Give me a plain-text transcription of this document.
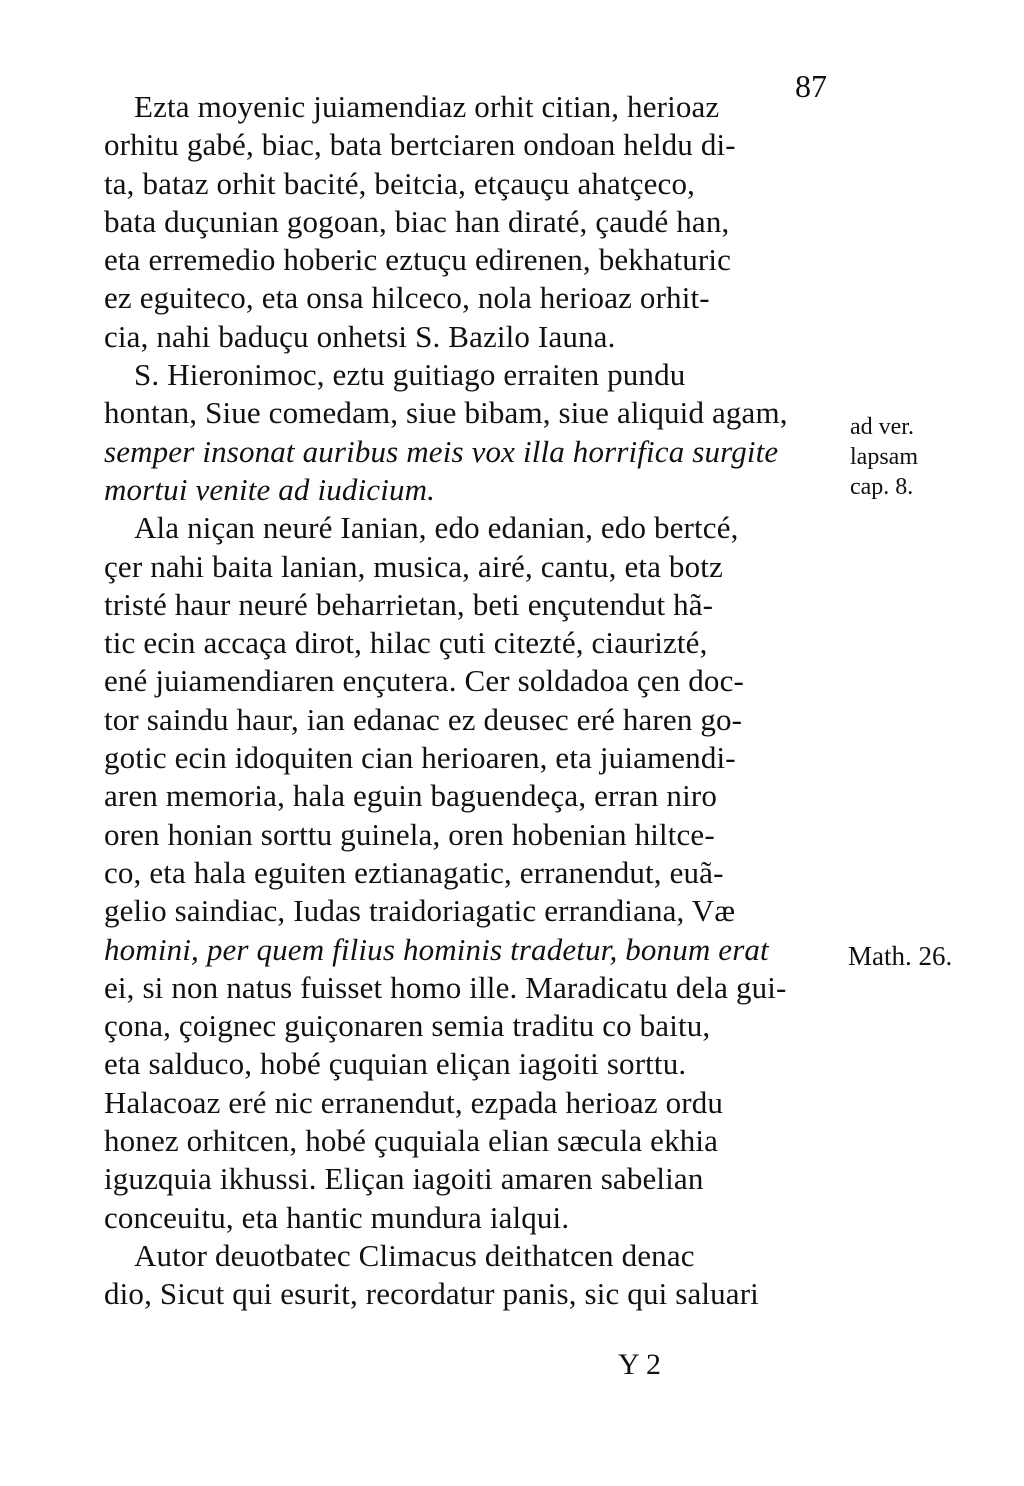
87
Ezta moyenic juiamendiaz orhit citian, herioaz
orhitu gabé, biac, bata bertciaren ondoan heldu di-
ta, bataz orhit bacité, beitcia, etçauçu ahatçeco,
bata duçunian gogoan, biac han diraté, çaudé han,
eta erremedio hoberic eztuçu edirenen, bekhaturic
ez eguiteco, eta onsa hilceco, nola herioaz orhit-
cia, nahi baduçu onhetsi S. Bazilo Iauna.
S. Hieronimoc, eztu guitiago erraiten pundu
hontan, Siue comedam, siue bibam, siue aliquid agam,
semper insonat auribus meis vox illa horrifica surgite
mortui venite ad iudicium.
Ala niçan neuré Ianian, edo edanian, edo bertcé,
çer nahi baita lanian, musica, airé, cantu, eta botz
tristé haur neuré beharrietan, beti ençutendut hã-
tic ecin accaça dirot, hilac çuti citezté, ciaurizté,
ené juiamendiaren ençutera. Cer soldadoa çen doc-
tor saindu haur, ian edanac ez deusec eré haren go-
gotic ecin idoquiten cian herioaren, eta juiamendi-
aren memoria, hala eguin baguendeça, erran niro
oren honian sorttu guinela, oren hobenian hiltce-
co, eta hala eguiten eztianagatic, erranendut, euã-
gelio saindiac, Iudas traidoriagatic errandiana, Væ
homini, per quem filius hominis tradetur, bonum erat
ei, si non natus fuisset homo ille. Maradicatu dela gui-
çona, çoignec guiçonaren semia traditu co baitu,
eta salduco, hobé çuquian eliçan iagoiti sorttu.
Halacoaz eré nic erranendut, ezpada herioaz ordu
honez orhitcen, hobé çuquiala elian sæcula ekhia
iguzquia ikhussi. Eliçan iagoiti amaren sabelian
conceuitu, eta hantic mundura ialqui.
Autor deuotbatec Climacus deithatcen denac
dio, Sicut qui esurit, recordatur panis, sic qui saluari
ad ver.
lapsam
cap. 8.
Math. 26.
Y 2
